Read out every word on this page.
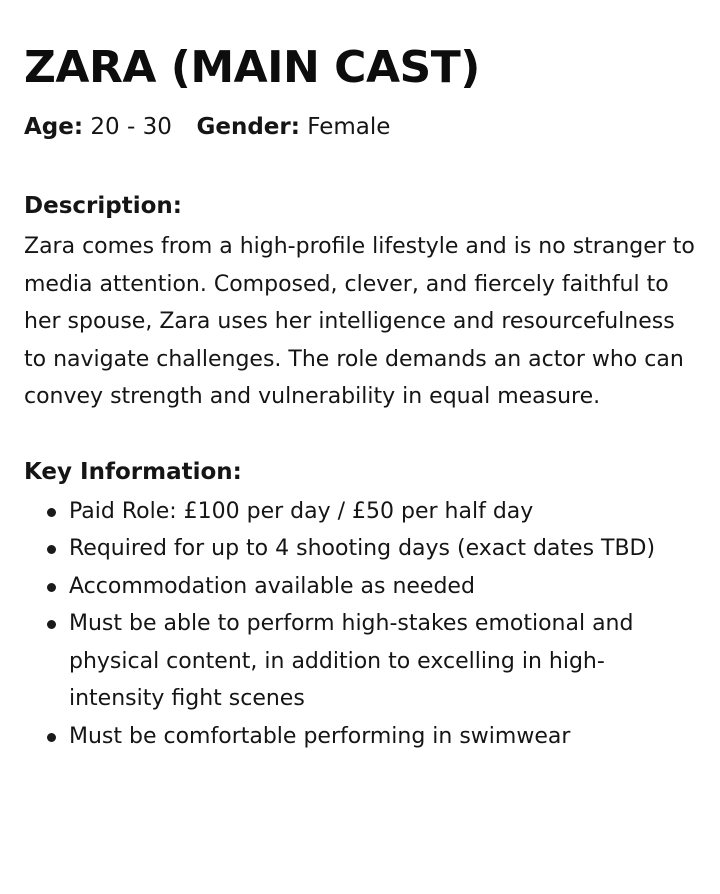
ZARA (MAIN CAST)
Age: 20 - 30 Gender: Female
Description:
Zara comes from a high-profile lifestyle and is no stranger to media attention. Composed, clever, and fiercely faithful to her spouse, Zara uses her intelligence and resourcefulness to navigate challenges. The role demands an actor who can convey strength and vulnerability in equal measure.
Key Information:
Paid Role: £100 per day / £50 per half day
Required for up to 4 shooting days (exact dates TBD)
Accommodation available as needed
Must be able to perform high-stakes emotional and physical content, in addition to excelling in high-intensity fight scenes
Must be comfortable performing in swimwear
